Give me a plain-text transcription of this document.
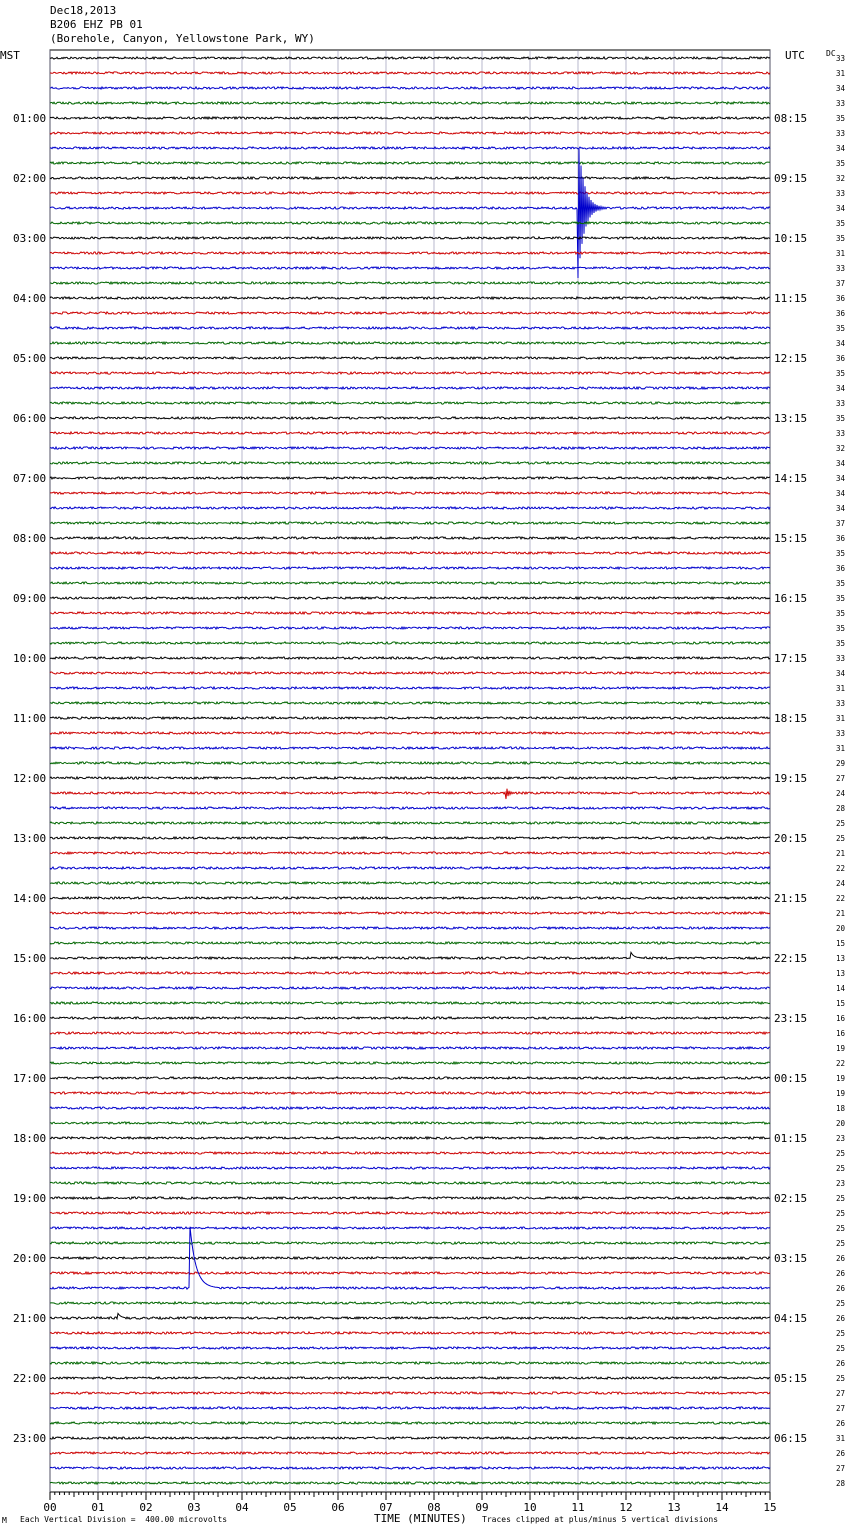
Dec18,2013
B206 EHZ PB 01
(Borehole, Canyon, Yellowstone Park, WY)
MST	UTC	DC
33
31
34
33
35
33
34
35
32
33
34
35
35
31
33
37
36
36
35
34
36
35
34
33
35
33
32
34
34
34
34
37
36
35
36
35
35
35
35
35
33
34
31
33
31
33
31
29
27
24
28
25
25
21
22
24
22
21
20
15
13
13
14
15
16
16
19
22
19
19
18
20
23
25
25
23
25
25
25
25
26
26
26
25
26
25
25
26
25
27
27
26
31
26
27
28
01:00	08:15
02:00	09:15
03:00	10:15
04:00	11:15
05:00	12:15
06:00	13:15
07:00	14:15
08:00	15:15
09:00	16:15
10:00	17:15
11:00	18:15
12:00	19:15
13:00	20:15
14:00	21:15
15:00	22:15
16:00	23:15
17:00	00:15
18:00	01:15
19:00	02:15
20:00	03:15
21:00	04:15
22:00	05:15
23:00	06:15
00	01	02	03	04	05	06	07	08	09	10	11	12	13	14	15
M Each Vertical Division =  400.00 microvolts	TIME (MINUTES) Traces clipped at plus/minus 5 vertical divisions
